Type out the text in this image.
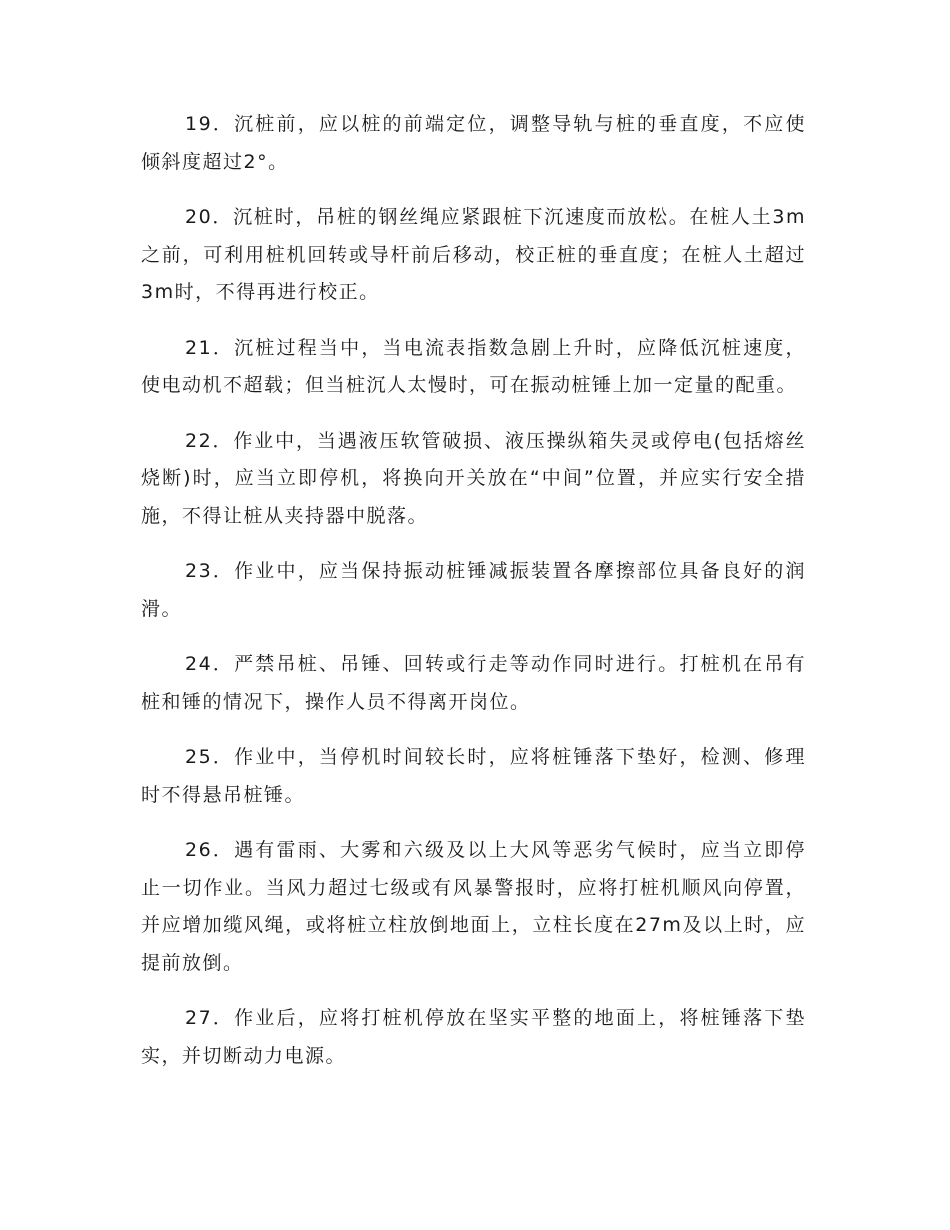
19．沉桩前，应以桩的前端定位，调整导轨与桩的垂直度，不应使倾斜度超过2°。

20．沉桩时，吊桩的钢丝绳应紧跟桩下沉速度而放松。在桩人土3m之前，可利用桩机回转或导杆前后移动，校正桩的垂直度；在桩人土超过3m时，不得再进行校正。

21．沉桩过程当中，当电流表指数急剧上升时，应降低沉桩速度，使电动机不超载；但当桩沉人太慢时，可在振动桩锤上加一定量的配重。

22．作业中，当遇液压软管破损、液压操纵箱失灵或停电(包括熔丝烧断)时，应当立即停机，将换向开关放在“中间”位置，并应实行安全措施，不得让桩从夹持器中脱落。

23．作业中，应当保持振动桩锤减振装置各摩擦部位具备良好的润滑。

24．严禁吊桩、吊锤、回转或行走等动作同时进行。打桩机在吊有桩和锤的情况下，操作人员不得离开岗位。

25．作业中，当停机时间较长时，应将桩锤落下垫好，检测、修理时不得悬吊桩锤。

26．遇有雷雨、大雾和六级及以上大风等恶劣气候时，应当立即停止一切作业。当风力超过七级或有风暴警报时，应将打桩机顺风向停置，并应增加缆风绳，或将桩立柱放倒地面上，立柱长度在27m及以上时，应提前放倒。

27．作业后，应将打桩机停放在坚实平整的地面上，将桩锤落下垫实，并切断动力电源。
